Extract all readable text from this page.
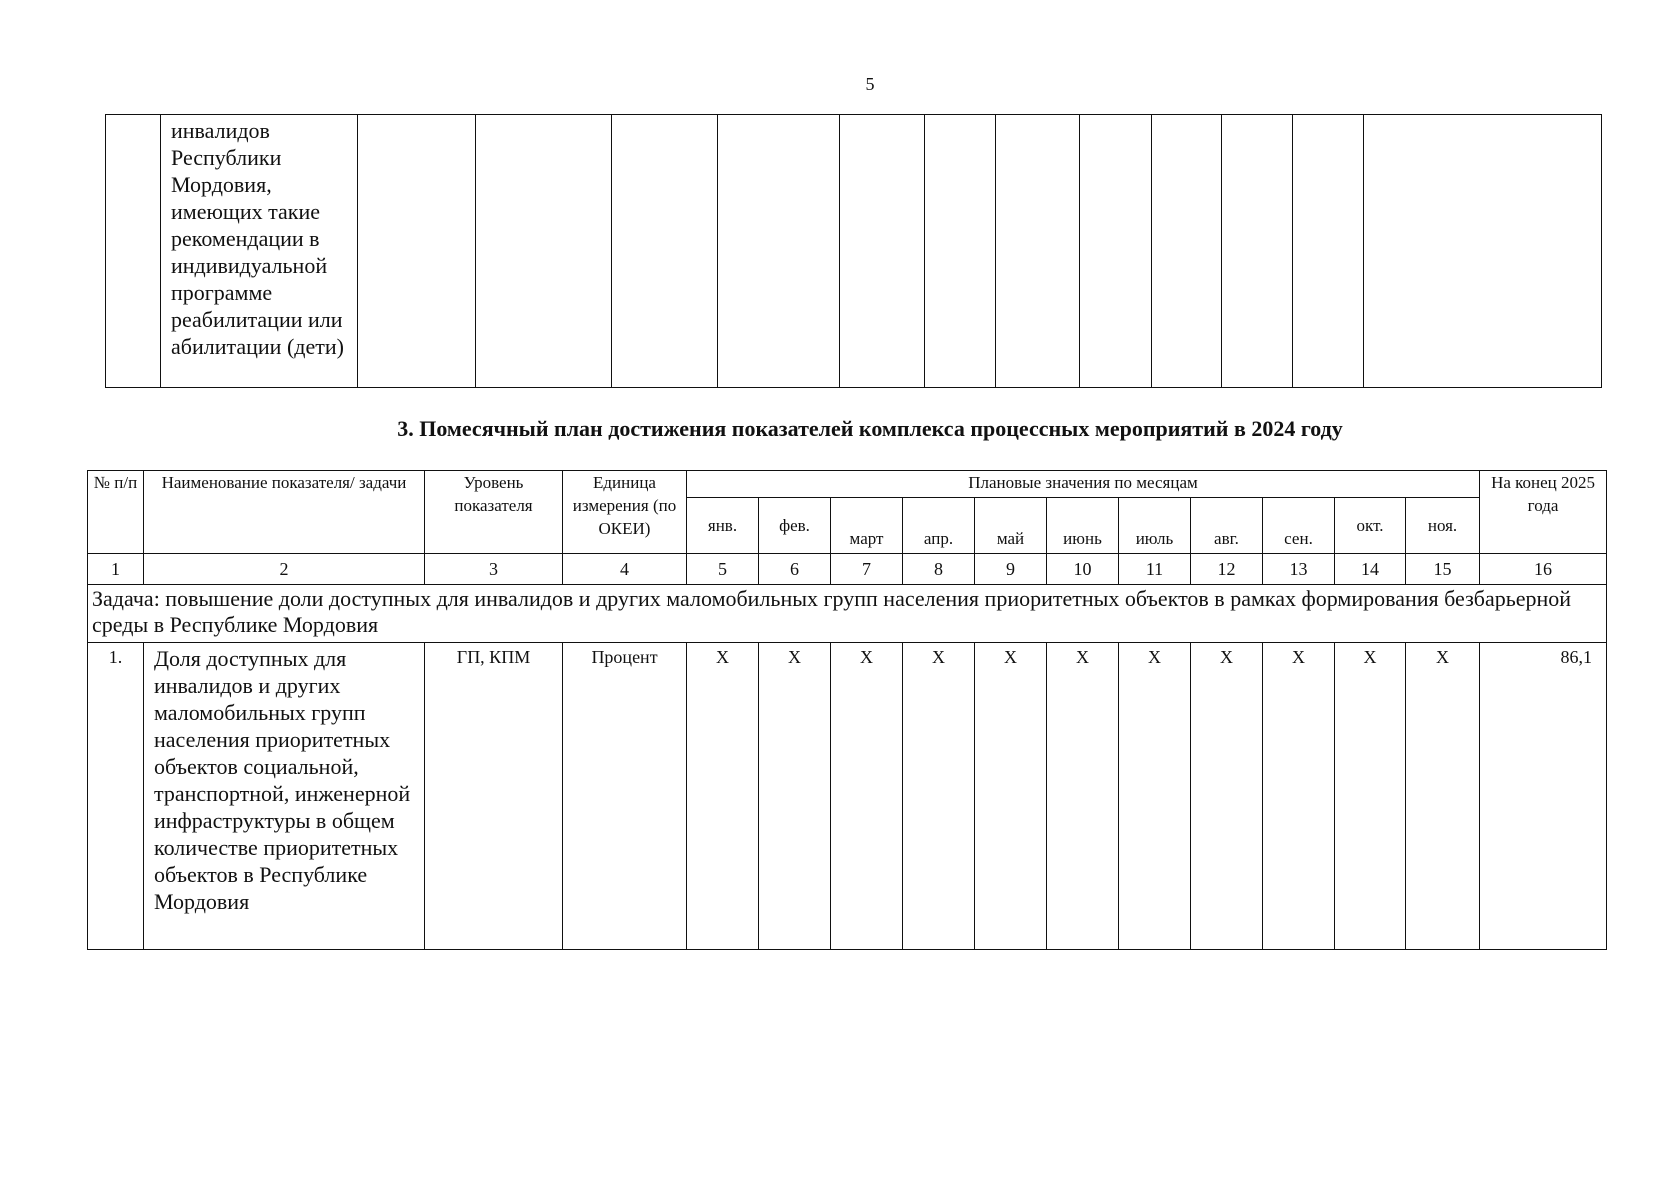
5
	инвалидов Республики Мордовия, имеющих такие рекомендации в индивидуальной программе реабилитации или абилитации (дети)												
3. Помесячный план достижения показателей комплекса процессных мероприятий в 2024 году
№ п/п	Наименование показателя/ задачи	Уровень показателя	Единица измерения (по ОКЕИ)	Плановые значения по месяцам											На конец 2025 года
				янв.	фев.	март	апр.	май	июнь	июль	авг.	сен.	окт.	ноя.	
1	2	3	4	5	6	7	8	9	10	11	12	13	14	15	16
Задача: повышение доли доступных для инвалидов и других маломобильных групп населения приоритетных объектов в рамках формирования безбарьерной среды в Республике Мордовия															
1.	Доля доступных для инвалидов и других маломобильных групп населения приоритетных объектов социальной, транспортной, инженерной инфраструктуры в общем количестве приоритетных объектов в Республике Мордовия	ГП, КПМ	Процент	X	X	X	X	X	X	X	X	X	X	X	86,1
